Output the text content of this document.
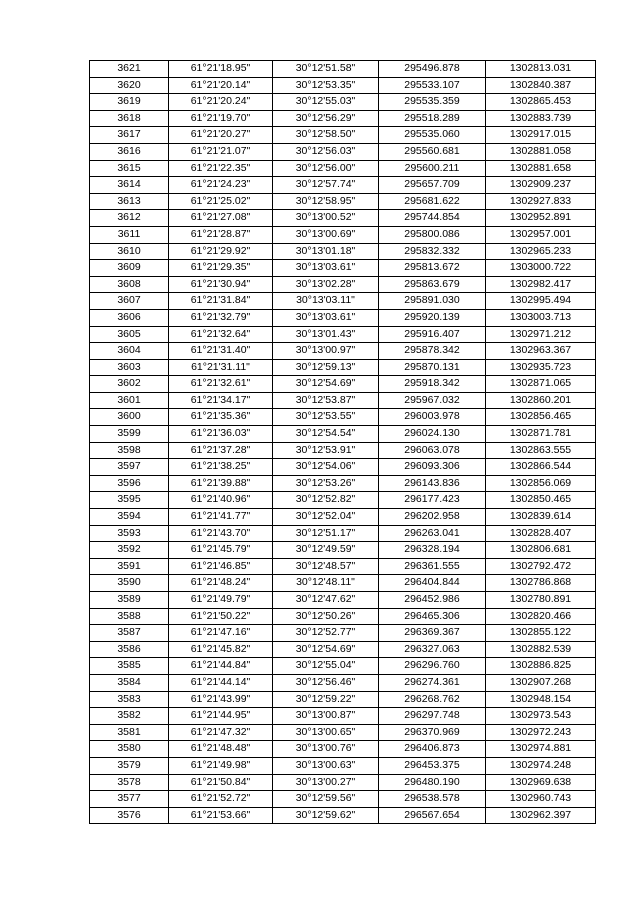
3621	61°21'18.95"	30°12'51.58"	295496.878	1302813.031
3620	61°21'20.14"	30°12'53.35"	295533.107	1302840.387
3619	61°21'20.24"	30°12'55.03"	295535.359	1302865.453
3618	61°21'19.70"	30°12'56.29"	295518.289	1302883.739
3617	61°21'20.27"	30°12'58.50"	295535.060	1302917.015
3616	61°21'21.07"	30°12'56.03"	295560.681	1302881.058
3615	61°21'22.35"	30°12'56.00"	295600.211	1302881.658
3614	61°21'24.23"	30°12'57.74"	295657.709	1302909.237
3613	61°21'25.02"	30°12'58.95"	295681.622	1302927.833
3612	61°21'27.08"	30°13'00.52"	295744.854	1302952.891
3611	61°21'28.87"	30°13'00.69"	295800.086	1302957.001
3610	61°21'29.92"	30°13'01.18"	295832.332	1302965.233
3609	61°21'29.35"	30°13'03.61"	295813.672	1303000.722
3608	61°21'30.94"	30°13'02.28"	295863.679	1302982.417
3607	61°21'31.84"	30°13'03.11"	295891.030	1302995.494
3606	61°21'32.79"	30°13'03.61"	295920.139	1303003.713
3605	61°21'32.64"	30°13'01.43"	295916.407	1302971.212
3604	61°21'31.40"	30°13'00.97"	295878.342	1302963.367
3603	61°21'31.11"	30°12'59.13"	295870.131	1302935.723
3602	61°21'32.61"	30°12'54.69"	295918.342	1302871.065
3601	61°21'34.17"	30°12'53.87"	295967.032	1302860.201
3600	61°21'35.36"	30°12'53.55"	296003.978	1302856.465
3599	61°21'36.03"	30°12'54.54"	296024.130	1302871.781
3598	61°21'37.28"	30°12'53.91"	296063.078	1302863.555
3597	61°21'38.25"	30°12'54.06"	296093.306	1302866.544
3596	61°21'39.88"	30°12'53.26"	296143.836	1302856.069
3595	61°21'40.96"	30°12'52.82"	296177.423	1302850.465
3594	61°21'41.77"	30°12'52.04"	296202.958	1302839.614
3593	61°21'43.70"	30°12'51.17"	296263.041	1302828.407
3592	61°21'45.79"	30°12'49.59"	296328.194	1302806.681
3591	61°21'46.85"	30°12'48.57"	296361.555	1302792.472
3590	61°21'48.24"	30°12'48.11"	296404.844	1302786.868
3589	61°21'49.79"	30°12'47.62"	296452.986	1302780.891
3588	61°21'50.22"	30°12'50.26"	296465.306	1302820.466
3587	61°21'47.16"	30°12'52.77"	296369.367	1302855.122
3586	61°21'45.82"	30°12'54.69"	296327.063	1302882.539
3585	61°21'44.84"	30°12'55.04"	296296.760	1302886.825
3584	61°21'44.14"	30°12'56.46"	296274.361	1302907.268
3583	61°21'43.99"	30°12'59.22"	296268.762	1302948.154
3582	61°21'44.95"	30°13'00.87"	296297.748	1302973.543
3581	61°21'47.32"	30°13'00.65"	296370.969	1302972.243
3580	61°21'48.48"	30°13'00.76"	296406.873	1302974.881
3579	61°21'49.98"	30°13'00.63"	296453.375	1302974.248
3578	61°21'50.84"	30°13'00.27"	296480.190	1302969.638
3577	61°21'52.72"	30°12'59.56"	296538.578	1302960.743
3576	61°21'53.66"	30°12'59.62"	296567.654	1302962.397
